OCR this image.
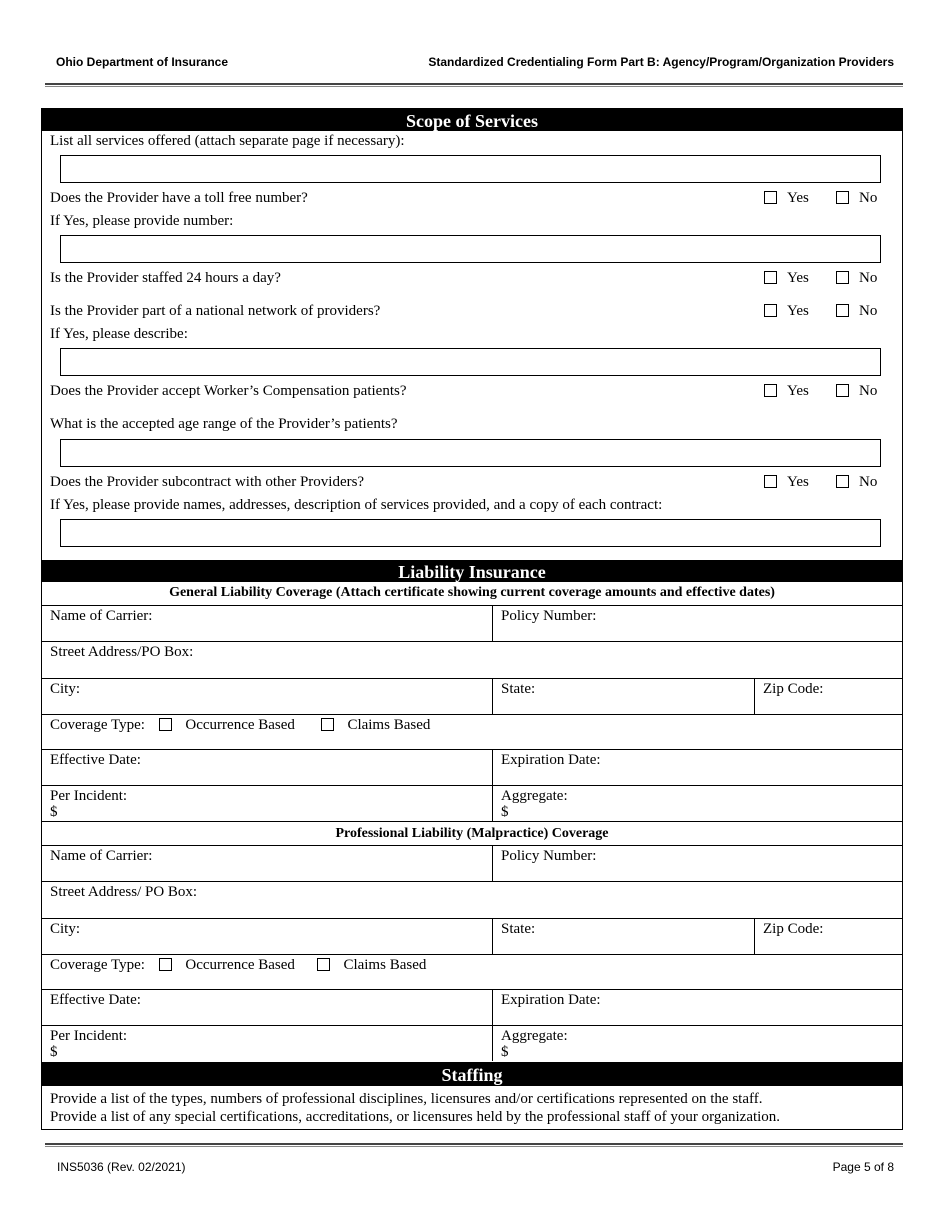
Ohio Department of Insurance	Standardized Credentialing Form Part B: Agency/Program/Organization Providers
Scope of Services
List all services offered (attach separate page if necessary):
Does the Provider have a toll free number?	Yes	No
If Yes, please provide number:
Is the Provider staffed 24 hours a day?	Yes	No
Is the Provider part of a national network of providers?	Yes	No
If Yes, please describe:
Does the Provider accept Worker’s Compensation patients?	Yes	No
What is the accepted age range of the Provider’s patients?
Does the Provider subcontract with other Providers?	Yes	No
If Yes, please provide names, addresses, description of services provided, and a copy of each contract:
Liability Insurance
General Liability Coverage (Attach certificate showing current coverage amounts and effective dates)
Name of Carrier:	Policy Number:
Street Address/PO Box:
City:	State:	Zip Code:
Coverage Type:	Occurrence Based	Claims Based
Effective Date:	Expiration Date:
Per Incident:
$
Aggregate:
$
Professional Liability (Malpractice) Coverage
Name of Carrier:	Policy Number:
Street Address/ PO Box:
City:	State:	Zip Code:
Coverage Type:	Occurrence Based	Claims Based
Effective Date:	Expiration Date:
Per Incident:
$
Aggregate:
$
Staffing
Provide a list of the types, numbers of professional disciplines, licensures and/or certifications represented on the staff.
Provide a list of any special certifications, accreditations, or licensures held by the professional staff of your organization.
INS5036 (Rev. 02/2021)	Page 5 of 8
